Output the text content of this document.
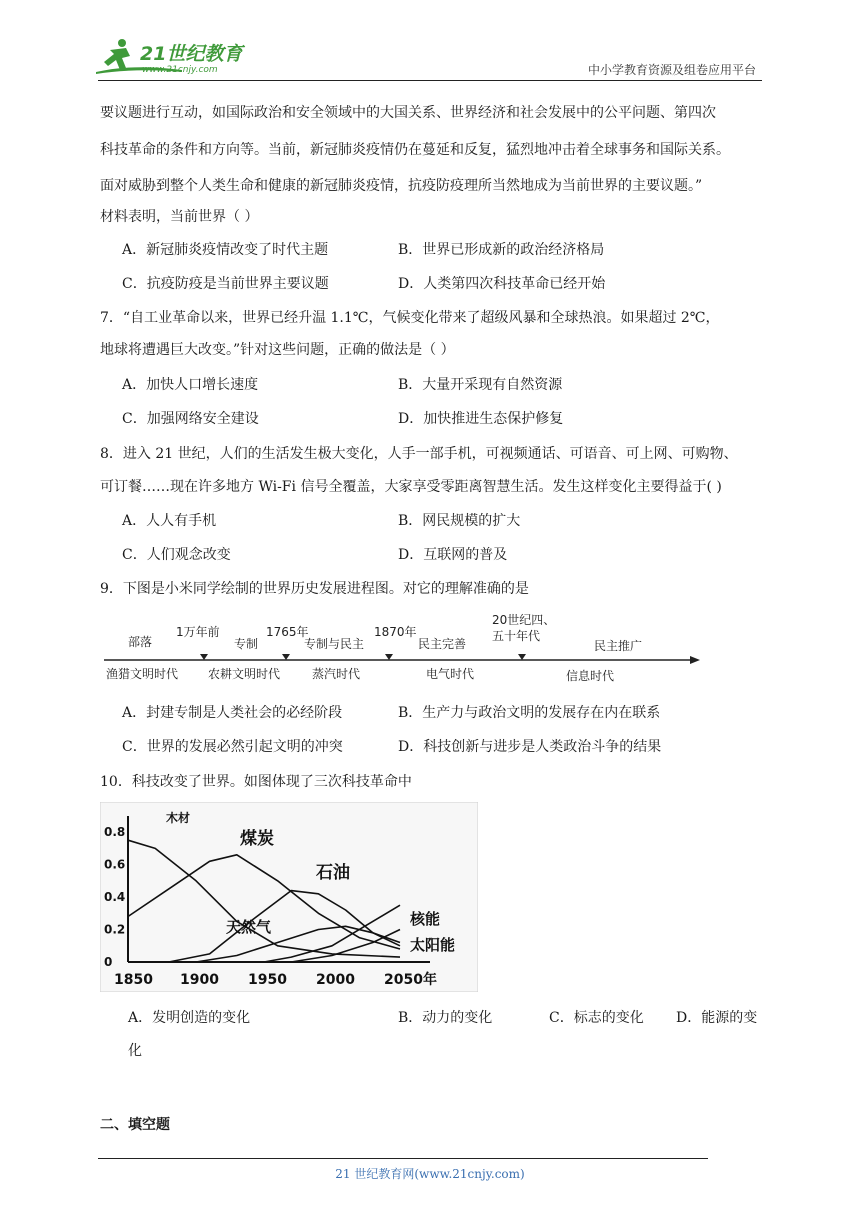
21世纪教育
www.21cnjy.com	中小学教育资源及组卷应用平台
要议题进行互动，如国际政治和安全领域中的大国关系、世界经济和社会发展中的公平问题、第四次
科技革命的条件和方向等。当前，新冠肺炎疫情仍在蔓延和反复，猛烈地冲击着全球事务和国际关系。
面对威胁到整个人类生命和健康的新冠肺炎疫情，抗疫防疫理所当然地成为当前世界的主要议题。”
材料表明，当前世界（ ）
A．新冠肺炎疫情改变了时代主题	B．世界已形成新的政治经济格局
C．抗疫防疫是当前世界主要议题	D．人类第四次科技革命已经开始
7．“自工业革命以来，世界已经升温 1.1℃，气候变化带来了超级风暴和全球热浪。如果超过 2℃，
地球将遭遇巨大改变。”针对这些问题，正确的做法是（ ）
A．加快人口增长速度	B．大量开采现有自然资源
C．加强网络安全建设	D．加快推进生态保护修复
8．进入 21 世纪，人们的生活发生极大变化，人手一部手机，可视频通话、可语音、可上网、可购物、
可订餐……现在许多地方 Wi-Fi 信号全覆盖，大家享受零距离智慧生活。发生这样变化主要得益于( )
A．人人有手机	B．网民规模的扩大
C．人们观念改变	D．互联网的普及
9．下图是小米同学绘制的世界历史发展进程图。对它的理解准确的是
部落
1万年前
专制
1765年
专制与民主
1870年
民主完善
20世纪四、
五十年代
民主推广
渔猎文明时代 农耕文明时代	蒸汽时代	电气时代	信息时代
A．封建专制是人类社会的必经阶段	B．生产力与政治文明的发展存在内在联系
C．世界的发展必然引起文明的冲突	D．科技创新与进步是人类政治斗争的结果
10．科技改变了世界。如图体现了三次科技革命中
0.8
0.6
0.4
0.2
0
1850 1900 1950 2000 2050年
木材
煤炭
石油
天然气	核能
太阳能
A．发明创造的变化	B．动力的变化	C．标志的变化 D．能源的变
化
二、填空题
21 世纪教育网(www.21cnjy.com)
